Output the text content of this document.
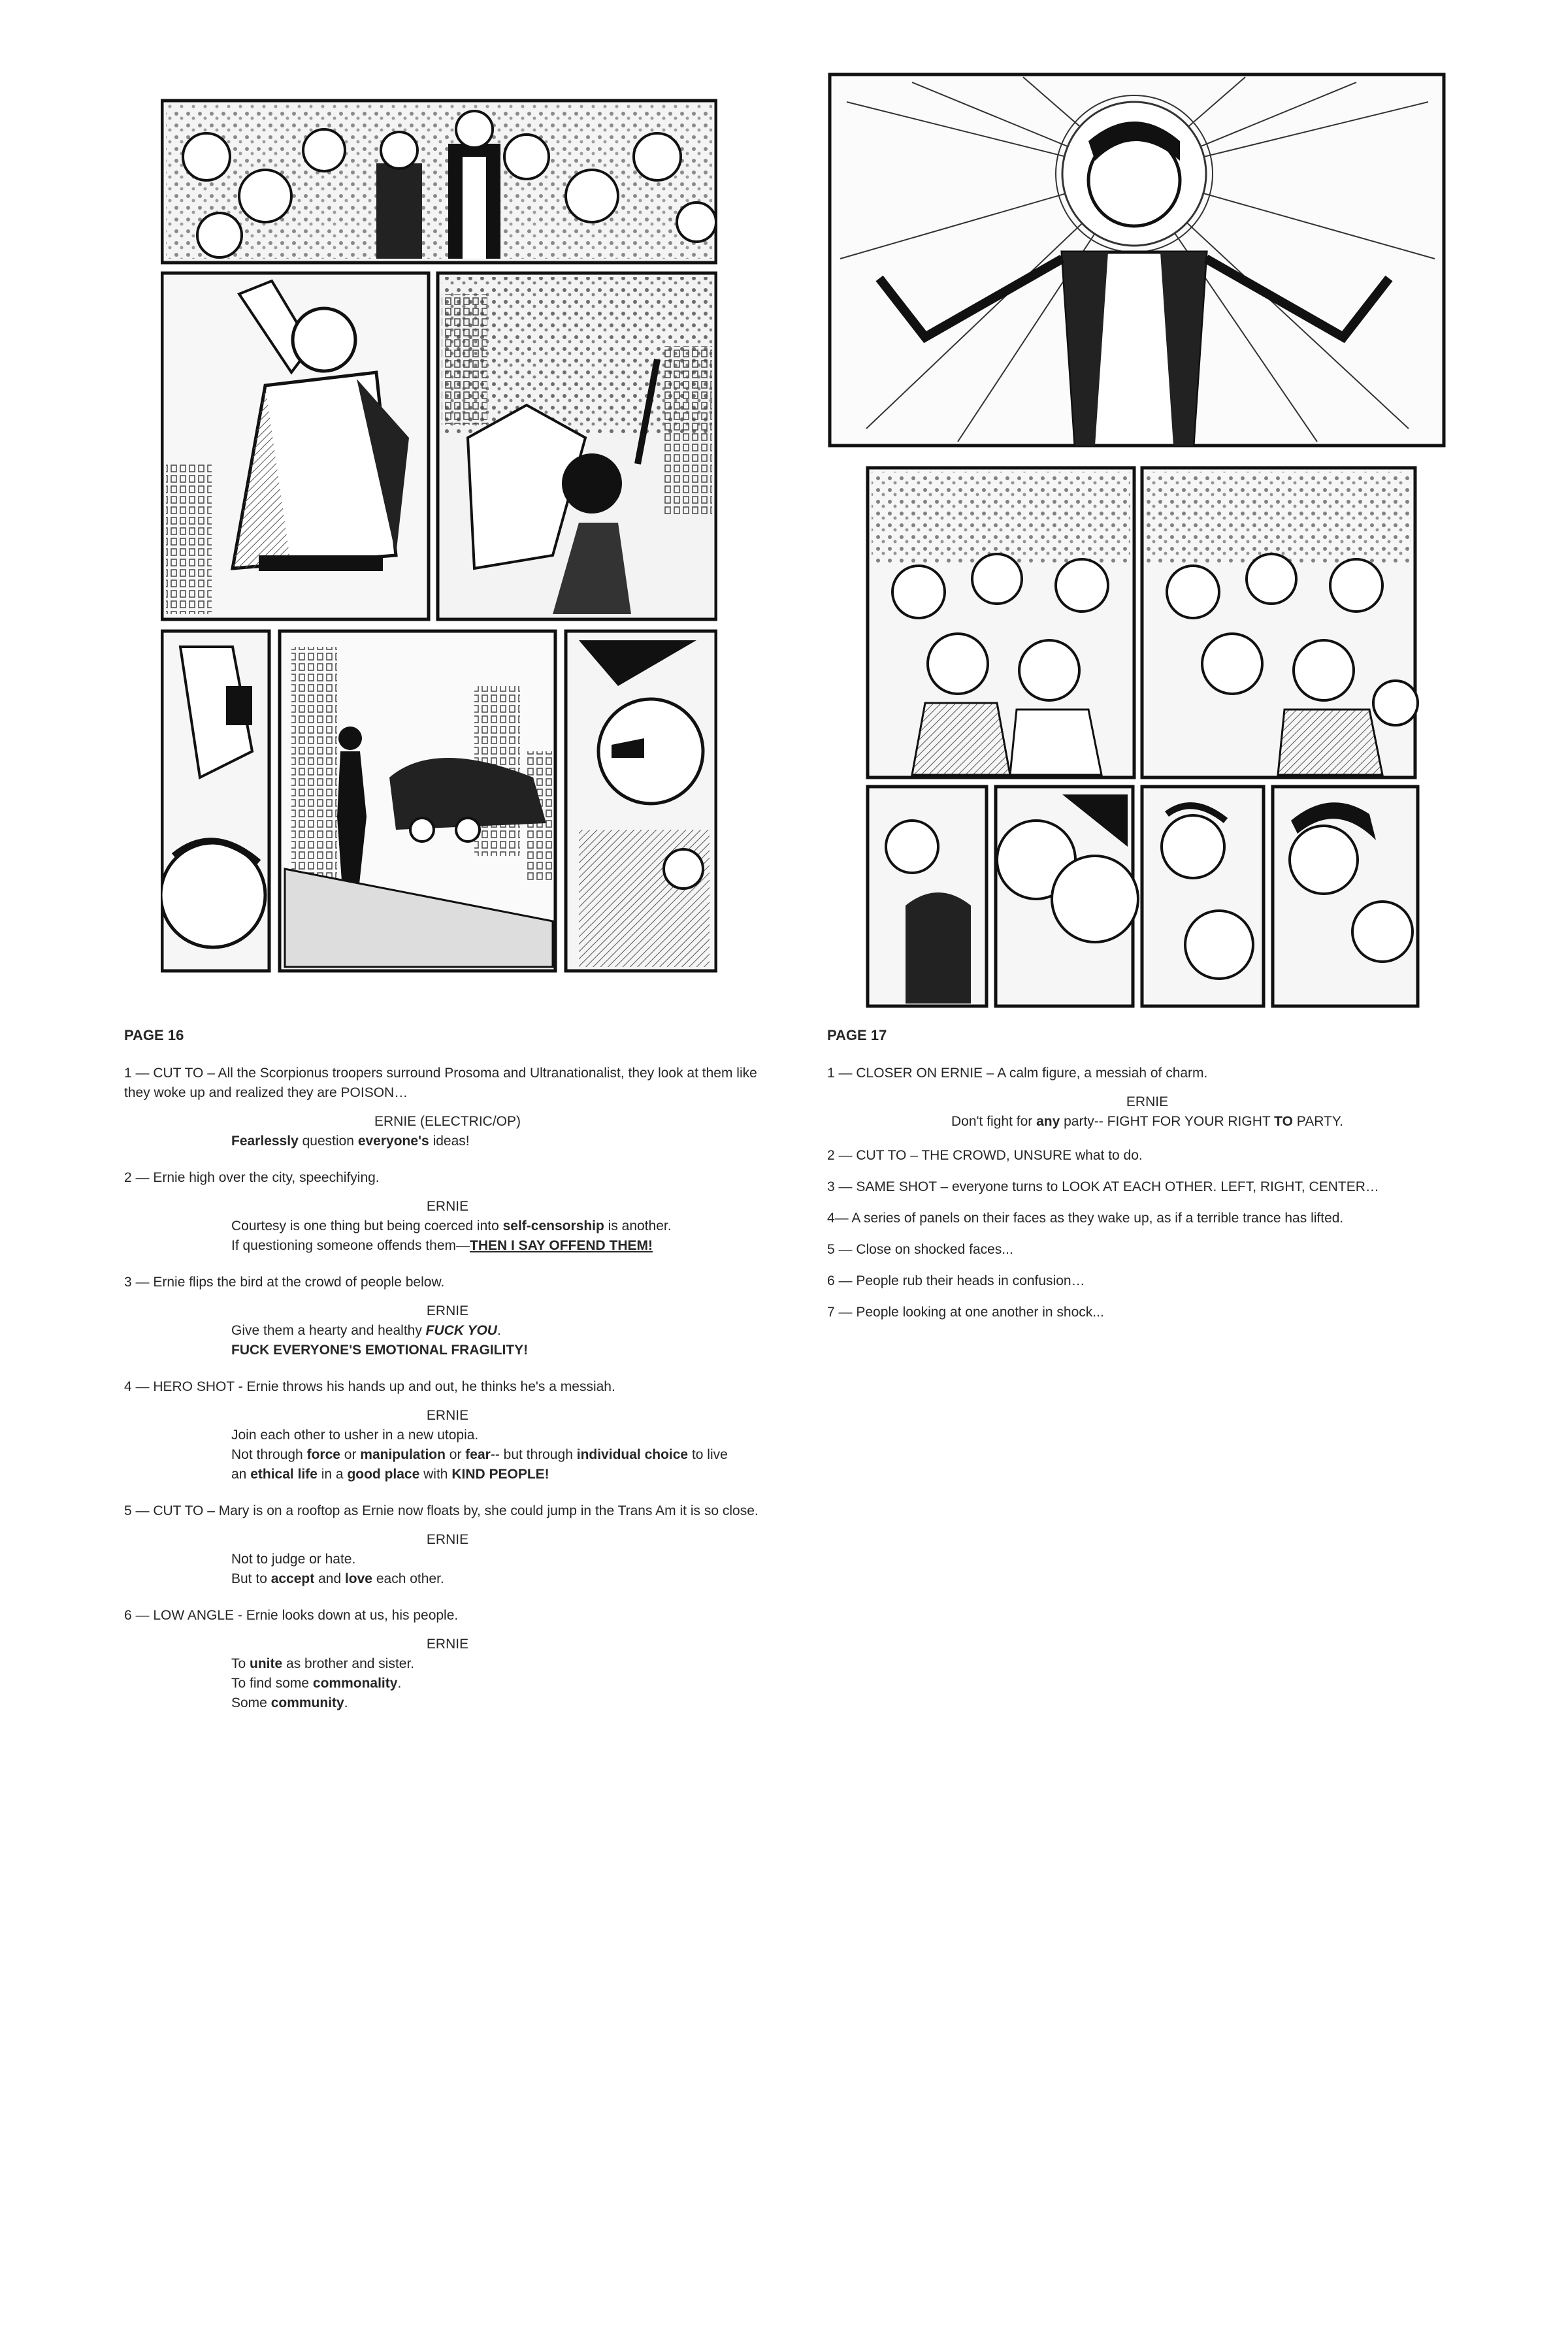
PAGE 16
1 — CUT TO – All the Scorpionus troopers surround Prosoma and Ultranationalist, they look at them like they woke up and realized they are POISON…
ERNIE (ELECTRIC/OP)
Fearlessly question everyone's ideas!
2 — Ernie high over the city, speechifying.
ERNIE
Courtesy is one thing but being coerced into self-censorship is another.
If questioning someone offends them—THEN I SAY OFFEND THEM!
3 — Ernie flips the bird at the crowd of people below.
ERNIE
Give them a hearty and healthy FUCK YOU.
FUCK EVERYONE'S EMOTIONAL FRAGILITY!
4 — HERO SHOT - Ernie throws his hands up and out, he thinks he's a messiah.
ERNIE
Join each other to usher in a new utopia.
Not through force or manipulation or fear-- but through individual choice to live
an ethical life in a good place with KIND PEOPLE!
5 — CUT TO – Mary is on a rooftop as Ernie now floats by, she could jump in the Trans Am it is so close.
ERNIE
Not to judge or hate.
But to accept and love each other.
6 — LOW ANGLE - Ernie looks down at us, his people.
ERNIE
To unite as brother and sister.
To find some commonality.
Some community.
PAGE 17
1 — CLOSER ON ERNIE – A calm figure, a messiah of charm.
ERNIE
Don't fight for any party-- FIGHT FOR YOUR RIGHT TO PARTY.
2 — CUT TO – THE CROWD, UNSURE what to do.
3 — SAME SHOT – everyone turns to LOOK AT EACH OTHER. LEFT, RIGHT, CENTER…
4— A series of panels on their faces as they wake up, as if a terrible trance has lifted.
5 — Close on shocked faces...
6 — People rub their heads in confusion…
7 — People looking at one another in shock...
